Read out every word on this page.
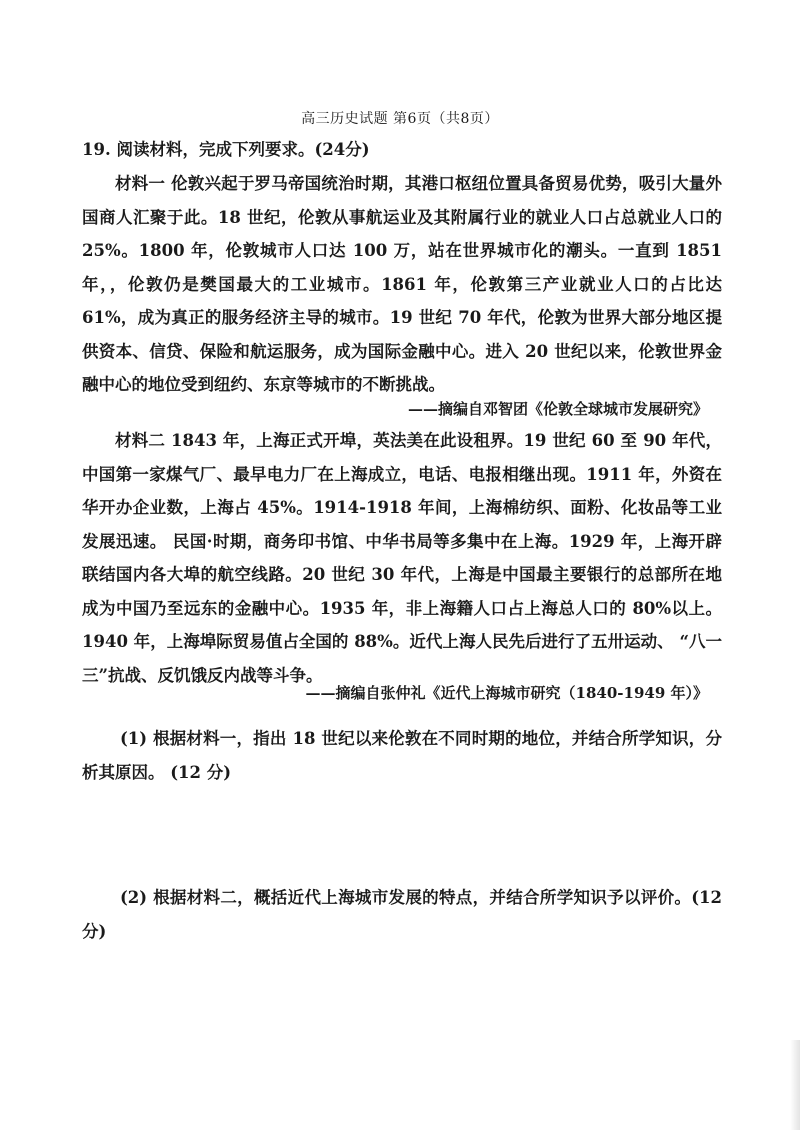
高三历史试题 第6页（共8页）
19. 阅读材料，完成下列要求。(24分)
材料一 伦敦兴起于罗马帝国统治时期，其港口枢纽位置具备贸易优势，吸引大量外国商人汇聚于此。18 世纪，伦敦从事航运业及其附属行业的就业人口占总就业人口的 25%。1800 年，伦敦城市人口达 100 万，站在世界城市化的潮头。一直到 1851 年，，伦敦仍是樊国最大的工业城市。1861 年，伦敦第三产业就业人口的占比达 61%，成为真正的服务经济主导的城市。19 世纪 70 年代，伦敦为世界大部分地区提供资本、信贷、保险和航运服务，成为国际金融中心。进入 20 世纪以来，伦敦世界金融中心的地位受到纽约、东京等城市的不断挑战。
——摘编自邓智团《伦敦全球城市发展研究》
材料二 1843 年，上海正式开埠，英法美在此设租界。19 世纪 60 至 90 年代，中国第一家煤气厂、最早电力厂在上海成立，电话、电报相继出现。1911 年，外资在华开办企业数，上海占 45%。1914-1918 年间，上海棉纺织、面粉、化妆品等工业发展迅速。 民国·时期，商务印书馆、中华书局等多集中在上海。1929 年，上海开辟联结国内各大埠的航空线路。20 世纪 30 年代，上海是中国最主要银行的总部所在地 成为中国乃至远东的金融中心。1935 年，非上海籍人口占上海总人口的 80%以上。1940 年，上海埠际贸易值占全国的 88%。近代上海人民先后进行了五卅运动、 “八一三”抗战、反饥饿反内战等斗争。
——摘编自张仲礼《近代上海城市研究（1840-1949 年）》
(1) 根据材料一，指出 18 世纪以来伦敦在不同时期的地位，并结合所学知识，分析其原因。 (12 分)
(2) 根据材料二，概括近代上海城市发展的特点，并结合所学知识予以评价。(12 分)
